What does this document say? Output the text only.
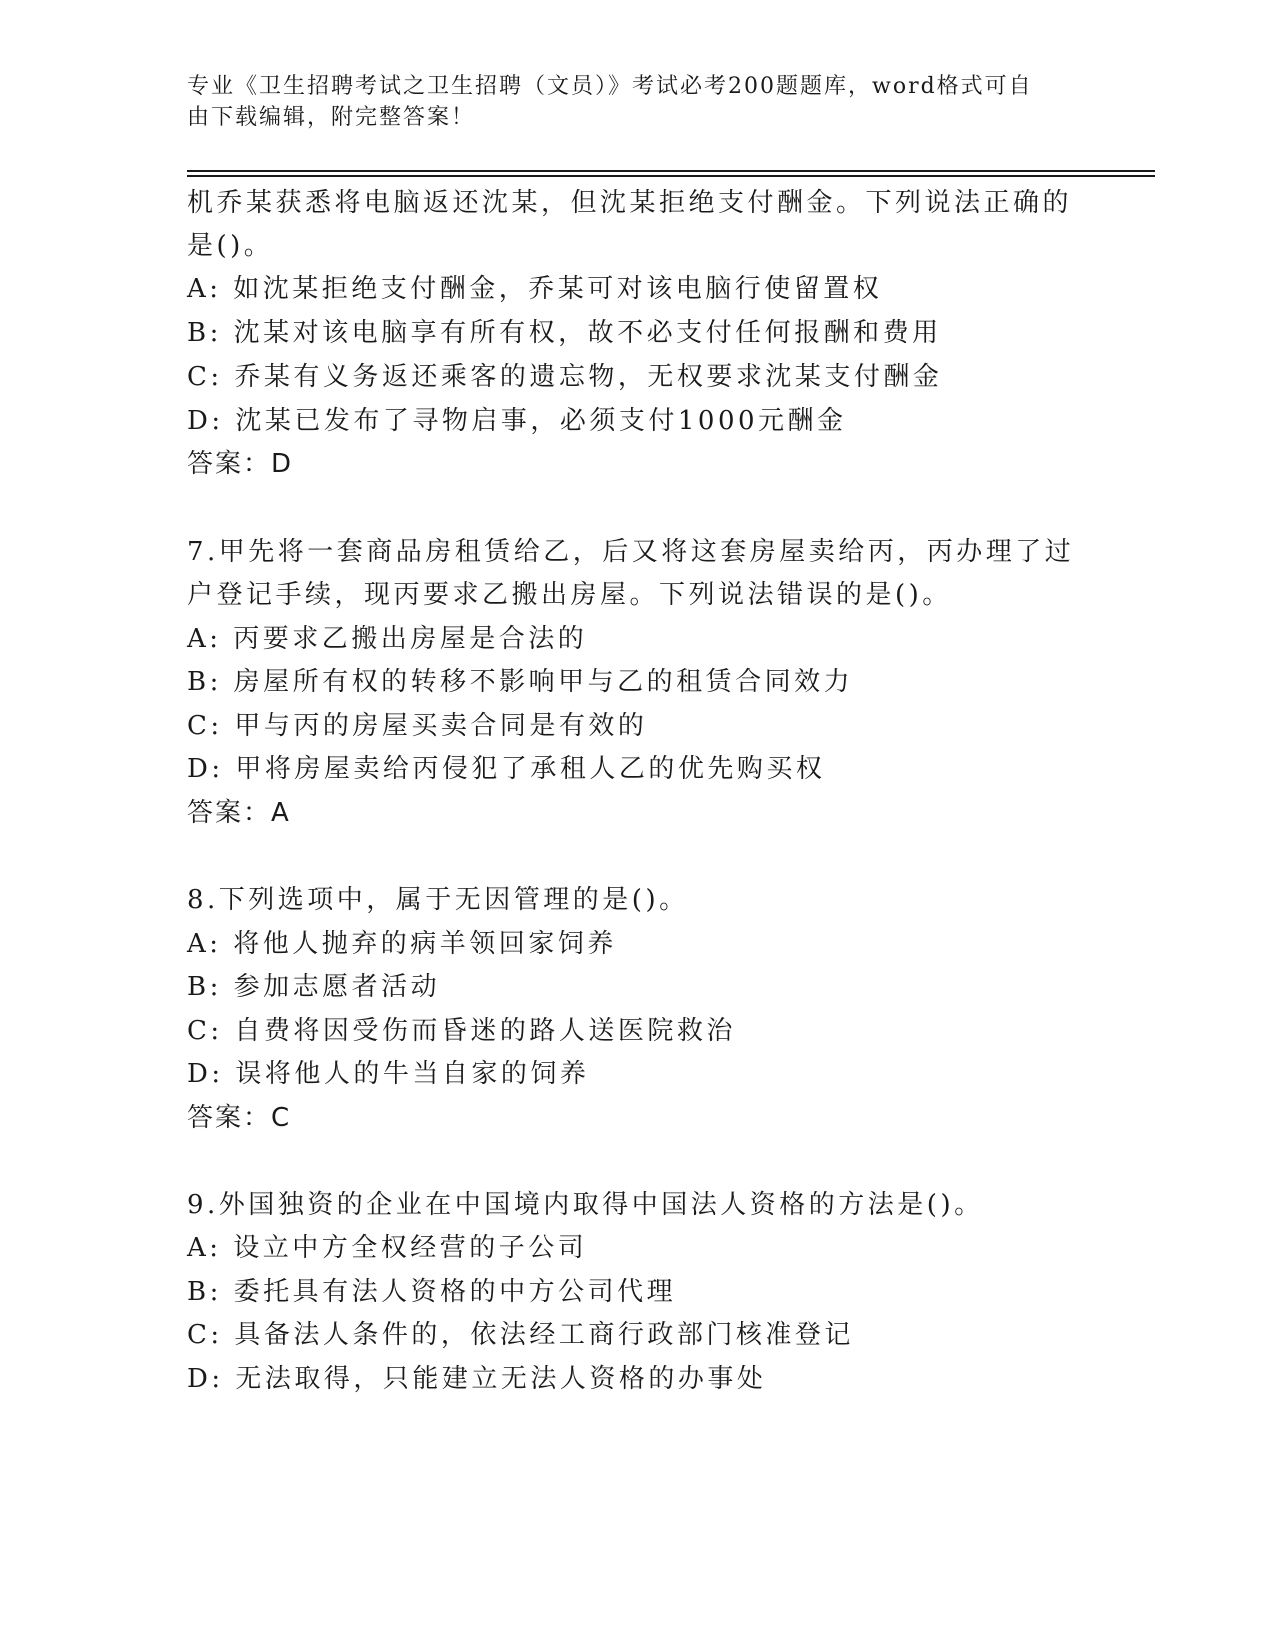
专业《卫生招聘考试之卫生招聘（文员）》考试必考200题题库，word格式可自
由下载编辑，附完整答案！
机乔某获悉将电脑返还沈某，但沈某拒绝支付酬金。下列说法正确的
是()。
A: 如沈某拒绝支付酬金，乔某可对该电脑行使留置权
B: 沈某对该电脑享有所有权，故不必支付任何报酬和费用
C: 乔某有义务返还乘客的遗忘物，无权要求沈某支付酬金
D: 沈某已发布了寻物启事，必须支付1000元酬金
答案：D
7.甲先将一套商品房租赁给乙，后又将这套房屋卖给丙，丙办理了过
户登记手续，现丙要求乙搬出房屋。下列说法错误的是()。
A: 丙要求乙搬出房屋是合法的
B: 房屋所有权的转移不影响甲与乙的租赁合同效力
C: 甲与丙的房屋买卖合同是有效的
D: 甲将房屋卖给丙侵犯了承租人乙的优先购买权
答案：A
8.下列选项中，属于无因管理的是()。
A: 将他人抛弃的病羊领回家饲养
B: 参加志愿者活动
C: 自费将因受伤而昏迷的路人送医院救治
D: 误将他人的牛当自家的饲养
答案：C
9.外国独资的企业在中国境内取得中国法人资格的方法是()。
A: 设立中方全权经营的子公司
B: 委托具有法人资格的中方公司代理
C: 具备法人条件的，依法经工商行政部门核准登记
D: 无法取得，只能建立无法人资格的办事处
